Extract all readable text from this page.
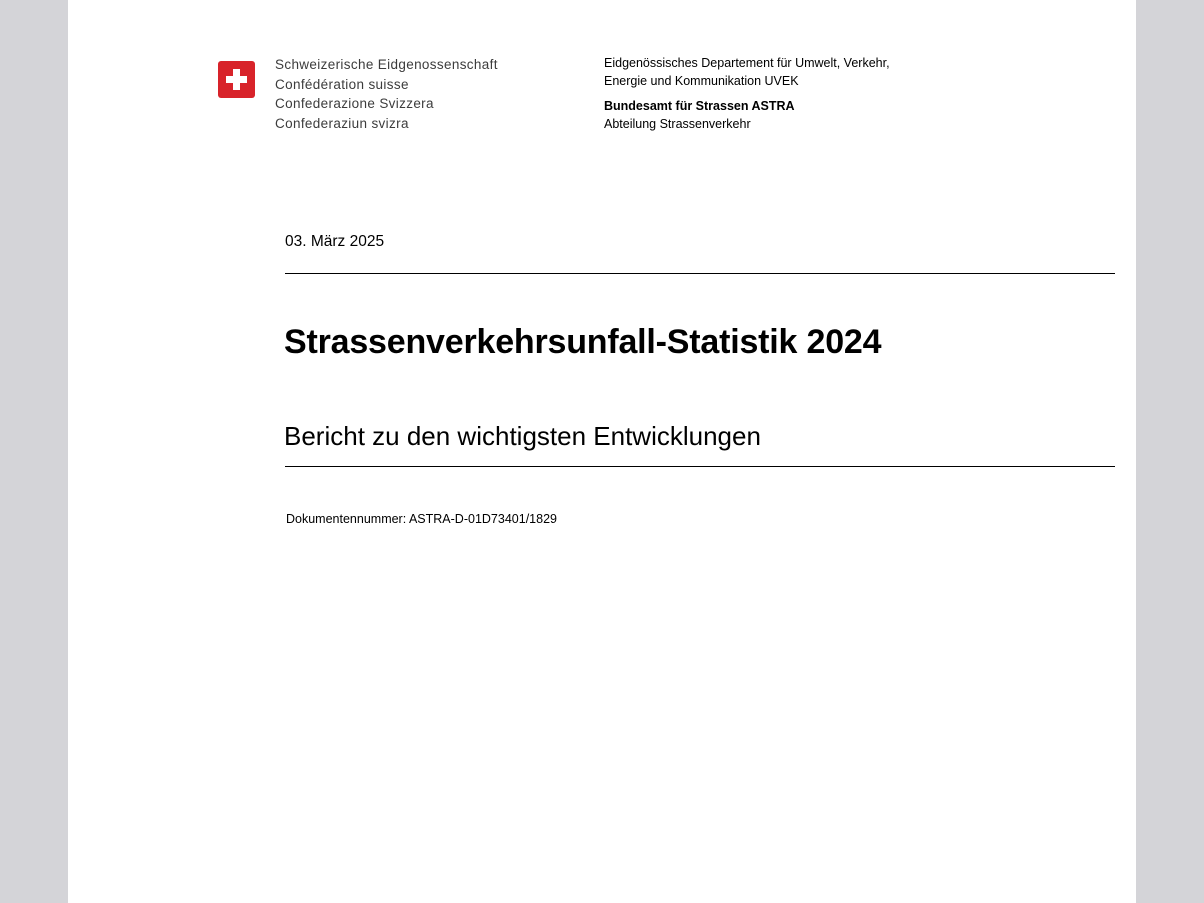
Schweizerische Eidgenossenschaft
Confédération suisse
Confederazione Svizzera
Confederaziun svizra
Eidgenössisches Departement für Umwelt, Verkehr,
Energie und Kommunikation UVEK
Bundesamt für Strassen ASTRA
Abteilung Strassenverkehr
03. März 2025
Strassenverkehrsunfall-Statistik 2024
Bericht zu den wichtigsten Entwicklungen
Dokumentennummer: ASTRA-D-01D73401/1829
